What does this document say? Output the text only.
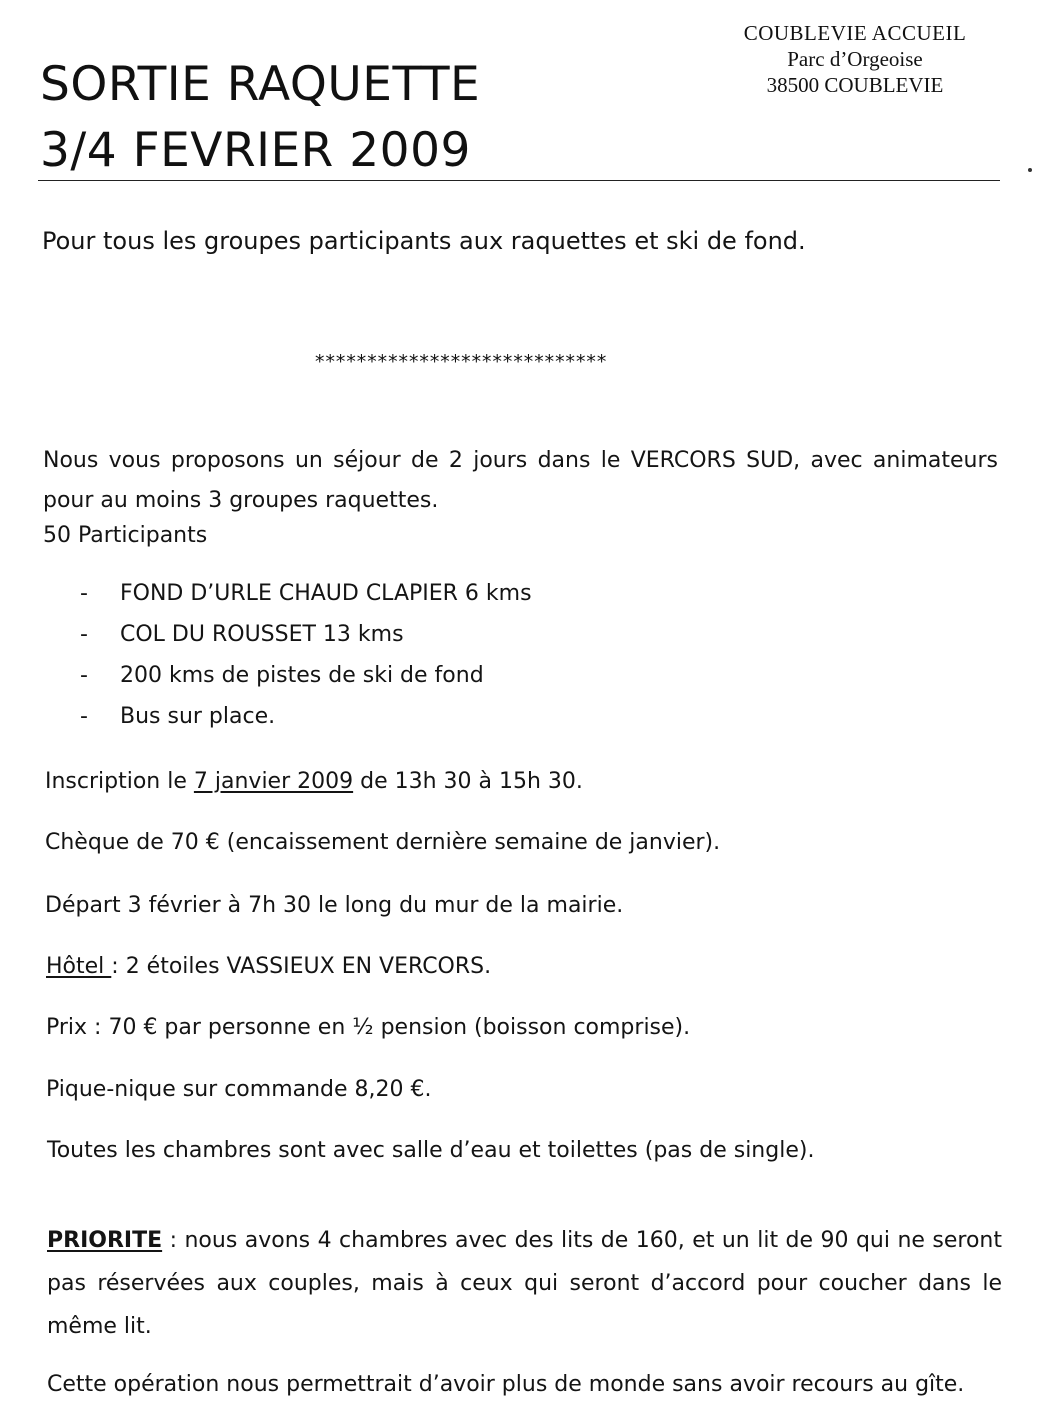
SORTIE RAQUETTE
3/4 FEVRIER 2009
COUBLEVIE ACCUEIL
Parc d’Orgeoise
38500 COUBLEVIE

Pour tous les groupes participants aux raquettes et ski de fond.

****************************

Nous vous proposons un séjour de 2 jours dans le VERCORS SUD, avec animateurs pour au moins 3 groupes raquettes.

50 Participants

- FOND D’URLE CHAUD CLAPIER 6 kms
- COL DU ROUSSET 13 kms
- 200 kms de pistes de ski de fond
- Bus sur place.

Inscription le 7 janvier 2009 de 13h 30 à 15h 30.

Chèque de 70 € (encaissement dernière semaine de janvier).

Départ 3 février à 7h 30 le long du mur de la mairie.

Hôtel : 2 étoiles VASSIEUX EN VERCORS.

Prix : 70 € par personne en ½ pension (boisson comprise).

Pique-nique sur commande 8,20 €.

Toutes les chambres sont avec salle d’eau et toilettes (pas de single).

PRIORITE : nous avons 4 chambres avec des lits de 160, et un lit de 90 qui ne seront pas réservées aux couples, mais à ceux qui seront d’accord pour coucher dans le même lit.

Cette opération nous permettrait d’avoir plus de monde sans avoir recours au gîte.
